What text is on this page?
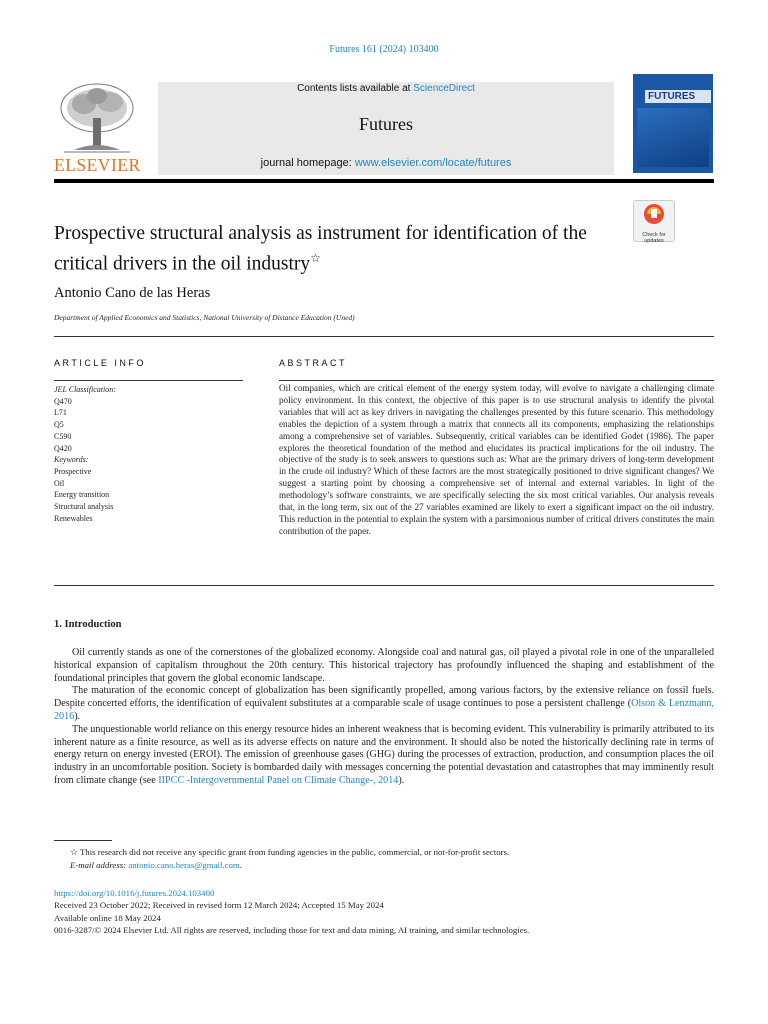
Futures 161 (2024) 103400
ELSEVIER
Contents lists available at ScienceDirect
Futures
journal homepage: www.elsevier.com/locate/futures
FUTURES
Prospective structural analysis as instrument for identification of the critical drivers in the oil industry☆
Check for updates
Antonio Cano de las Heras
Department of Applied Economics and Statistics, National University of Distance Education (Uned)
ARTICLE INFO	ABSTRACT
JEL Classification:
Q470
L71
Q5
C590
Q420
Keywords:
Prospective
Oil
Energy transition
Structural analysis
Renewables
Oil companies, which are critical element of the energy system today, will evolve to navigate a challenging climate policy environment. In this context, the objective of this paper is to use structural analysis to identify the pivotal variables that will act as key drivers in navigating the challenges presented by this future scenario. This methodology enables the depiction of a system through a matrix that connects all its components, emphasizing the relationships among a comprehensive set of variables. Subsequently, critical variables can be identified Godet (1986). The paper explores the theoretical foundation of the method and elucidates its practical implications for the oil industry. The objective of the study is to seek answers to questions such as: What are the primary drivers of long-term development in the crude oil industry? Which of these factors are the most strategically positioned to drive significant changes? We suggest a starting point by choosing a comprehensive set of internal and external variables. In light of the methodology’s software constraints, we are specifically selecting the six most critical variables. Our analysis reveals that, in the long term, six out of the 27 variables examined are likely to exert a significant impact on the oil industry. This reduction in the potential to explain the system with a parsimonious number of critical drivers constitutes the main contribution of the paper.
1. Introduction

Oil currently stands as one of the cornerstones of the globalized economy. Alongside coal and natural gas, oil played a pivotal role in one of the unparalleled historical expansion of capitalism throughout the 20th century. This historical trajectory has profoundly influenced the shaping and establishment of the foundational principles that govern the global economic landscape.

The maturation of the economic concept of globalization has been significantly propelled, among various factors, by the extensive reliance on fossil fuels. Despite concerted efforts, the identification of equivalent substitutes at a comparable scale of usage continues to pose a persistent challenge (Olson & Lenzmann, 2016).

The unquestionable world reliance on this energy resource hides an inherent weakness that is becoming evident. This vulnerability is primarily attributed to its inherent nature as a finite resource, as well as its adverse effects on nature and the environment. It should also be noted the historically declining rate in terms of energy return on energy invested (EROI). The emission of greenhouse gases (GHG) during the processes of extraction, production, and consumption places the oil industry in an uncomfortable position. Society is bombarded daily with messages concerning the potential devastation and catastrophes that may imminently result from climate change (see IIPCC -Intergovernmental Panel on Climate Change-, 2014).

☆ This research did not receive any specific grant from funding agencies in the public, commercial, or not-for-profit sectors.
E-mail address: antonio.cano.heras@gmail.com.
https://doi.org/10.1016/j.futures.2024.103400
Received 23 October 2022; Received in revised form 12 March 2024; Accepted 15 May 2024
Available online 18 May 2024
0016-3287/© 2024 Elsevier Ltd. All rights are reserved, including those for text and data mining, AI training, and similar technologies.
